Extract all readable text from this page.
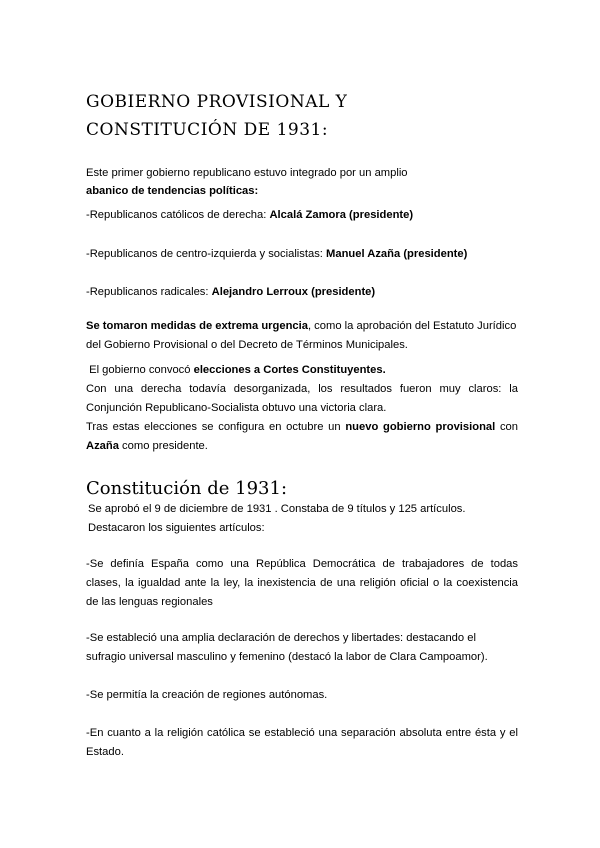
GOBIERNO PROVISIONAL Y
CONSTITUCIÓN DE 1931:
Este primer gobierno republicano estuvo integrado por un amplio
abanico de tendencias políticas:
-Republicanos católicos de derecha: Alcalá Zamora (presidente)
-Republicanos de centro-izquierda y socialistas: Manuel Azaña (presidente)
-Republicanos radicales: Alejandro Lerroux (presidente)
Se tomaron medidas de extrema urgencia, como la aprobación del Estatuto Jurídico
del Gobierno Provisional o del Decreto de Términos Municipales.
El gobierno convocó elecciones a Cortes Constituyentes.
Con una derecha todavía desorganizada, los resultados fueron muy claros: la
Conjunción Republicano-Socialista obtuvo una victoria clara.
Tras estas elecciones se configura en octubre un nuevo gobierno provisional con
Azaña como presidente.
Constitución de 1931:
Se aprobó el 9 de diciembre de 1931 . Constaba de 9 títulos y 125 artículos.
Destacaron los siguientes artículos:
-Se definía España como una República Democrática de trabajadores de todas
clases, la igualdad ante la ley, la inexistencia de una religión oficial o la coexistencia
de las lenguas regionales
-Se estableció una amplia declaración de derechos y libertades: destacando el
sufragio universal masculino y femenino (destacó la labor de Clara Campoamor).
-Se permitía la creación de regiones autónomas.
-En cuanto a la religión católica se estableció una separación absoluta entre ésta y el
Estado.
